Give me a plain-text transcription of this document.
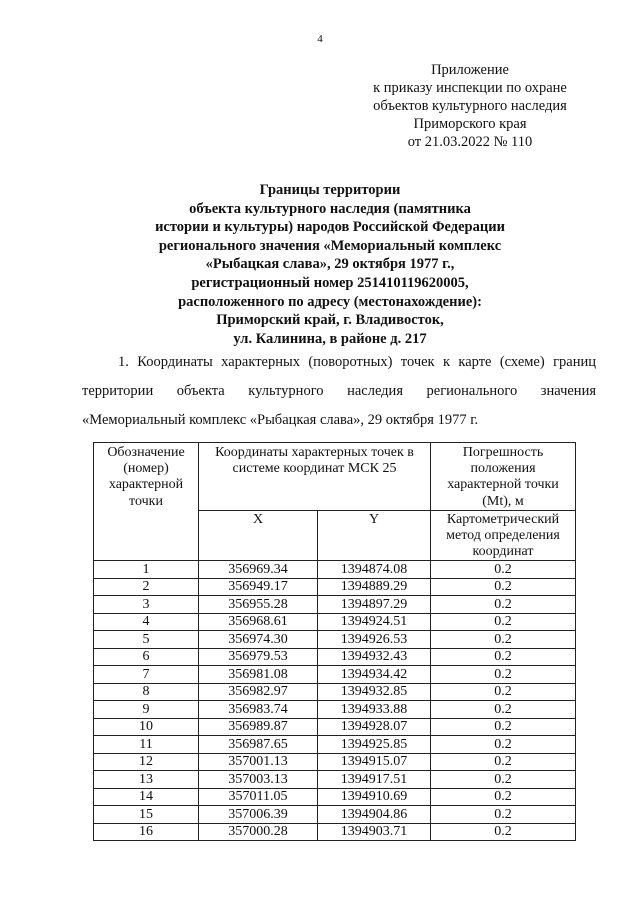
4
Приложение
к приказу инспекции по охране
объектов культурного наследия
Приморского края
от 21.03.2022 № 110
Границы территории
объекта культурного наследия (памятника
истории и культуры) народов Российской Федерации
регионального значения «Мемориальный комплекс
«Рыбацкая слава», 29 октября 1977 г.,
регистрационный номер 251410119620005,
расположенного по адресу (местонахождение):
Приморский край, г. Владивосток,
ул. Калинина, в районе д. 217
1. Координаты характерных (поворотных) точек к карте (схеме) границ
территории объекта культурного наследия регионального значения
«Мемориальный комплекс «Рыбацкая слава», 29 октября 1977 г.
Обозначение (номер) характерной точки	Координаты характерных точек в системе координат МСК 25		Погрешность положения характерной точки (Mt), м
	X	Y	Картометрический метод определения координат
1	356969.34	1394874.08	0.2
2	356949.17	1394889.29	0.2
3	356955.28	1394897.29	0.2
4	356968.61	1394924.51	0.2
5	356974.30	1394926.53	0.2
6	356979.53	1394932.43	0.2
7	356981.08	1394934.42	0.2
8	356982.97	1394932.85	0.2
9	356983.74	1394933.88	0.2
10	356989.87	1394928.07	0.2
11	356987.65	1394925.85	0.2
12	357001.13	1394915.07	0.2
13	357003.13	1394917.51	0.2
14	357011.05	1394910.69	0.2
15	357006.39	1394904.86	0.2
16	357000.28	1394903.71	0.2
